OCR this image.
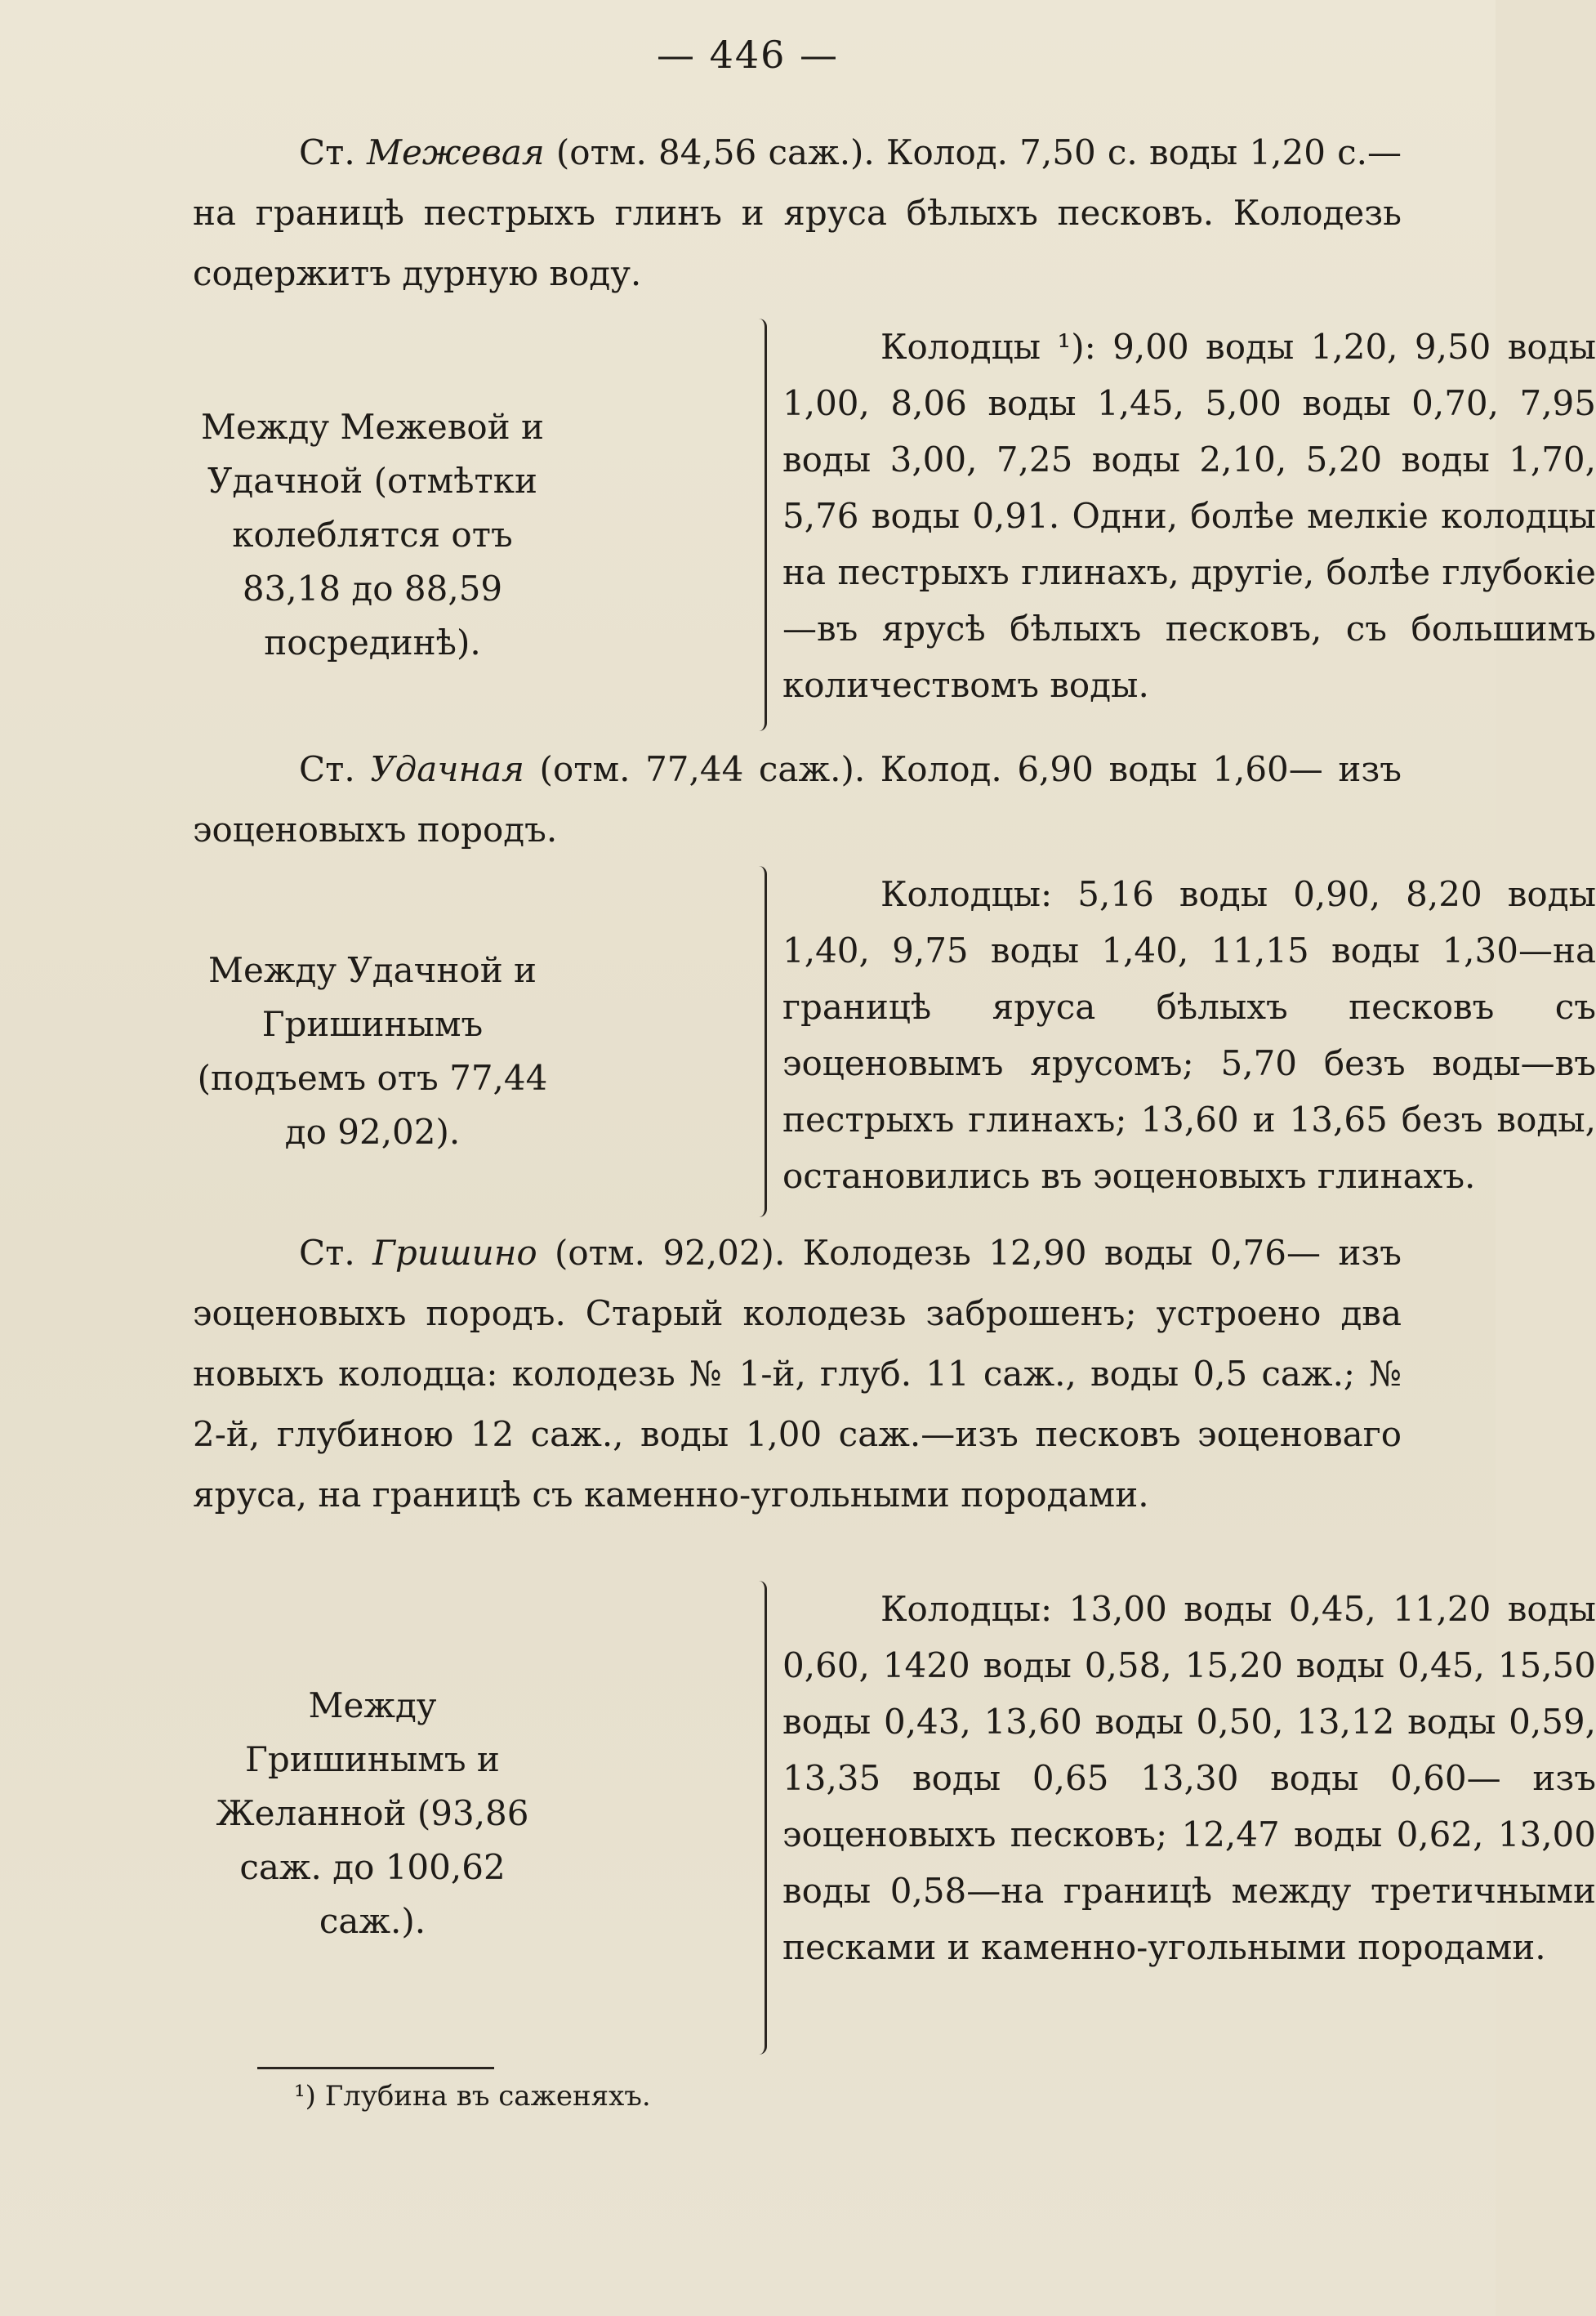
— 446 —

Ст. Межевая (отм. 84,56 саж.). Колод. 7,50 с. воды 1,20 с.— на границѣ пестрыхъ глинъ и яруса бѣлыхъ песковъ. Колодезь содержитъ дурную воду.

Между Межевой и Удачной (отмѣтки колеблятся отъ 83,18 до 88,59 посрединѣ).
Колодцы ¹): 9,00 воды 1,20, 9,50 воды 1,00, 8,06 воды 1,45, 5,00 воды 0,70, 7,95 воды 3,00, 7,25 воды 2,10, 5,20 воды 1,70, 5,76 воды 0,91. Одни, болѣе мелкіе колодцы на пестрыхъ глинахъ, другіе, болѣе глубокіе—въ ярусѣ бѣлыхъ песковъ, съ большимъ количествомъ воды.

Ст. Удачная (отм. 77,44 саж.). Колод. 6,90 воды 1,60— изъ эоценовыхъ породъ.

Между Удачной и Гришинымъ (подъемъ отъ 77,44 до 92,02).
Колодцы: 5,16 воды 0,90, 8,20 воды 1,40, 9,75 воды 1,40, 11,15 воды 1,30—на границѣ яруса бѣлыхъ песковъ съ эоценовымъ ярусомъ; 5,70 безъ воды—въ пестрыхъ глинахъ; 13,60 и 13,65 безъ воды, остановились въ эоценовыхъ глинахъ.

Ст. Гришино (отм. 92,02). Колодезь 12,90 воды 0,76— изъ эоценовыхъ породъ. Старый колодезь заброшенъ; устроено два новыхъ колодца: колодезь № 1-й, глуб. 11 саж., воды 0,5 саж.; № 2-й, глубиною 12 саж., воды 1,00 саж.—изъ песковъ эоценоваго яруса, на границѣ съ каменно-угольными породами.

Между Гришинымъ и Желанной (93,86 саж. до 100,62 саж.).
Колодцы: 13,00 воды 0,45, 11,20 воды 0,60, 1420 воды 0,58, 15,20 воды 0,45, 15,50 воды 0,43, 13,60 воды 0,50, 13,12 воды 0,59, 13,35 воды 0,65 13,30 воды 0,60— изъ эоценовыхъ песковъ; 12,47 воды 0,62, 13,00 воды 0,58—на границѣ между третичными песками и каменно-угольными породами.
¹) Глубина въ саженяхъ.
